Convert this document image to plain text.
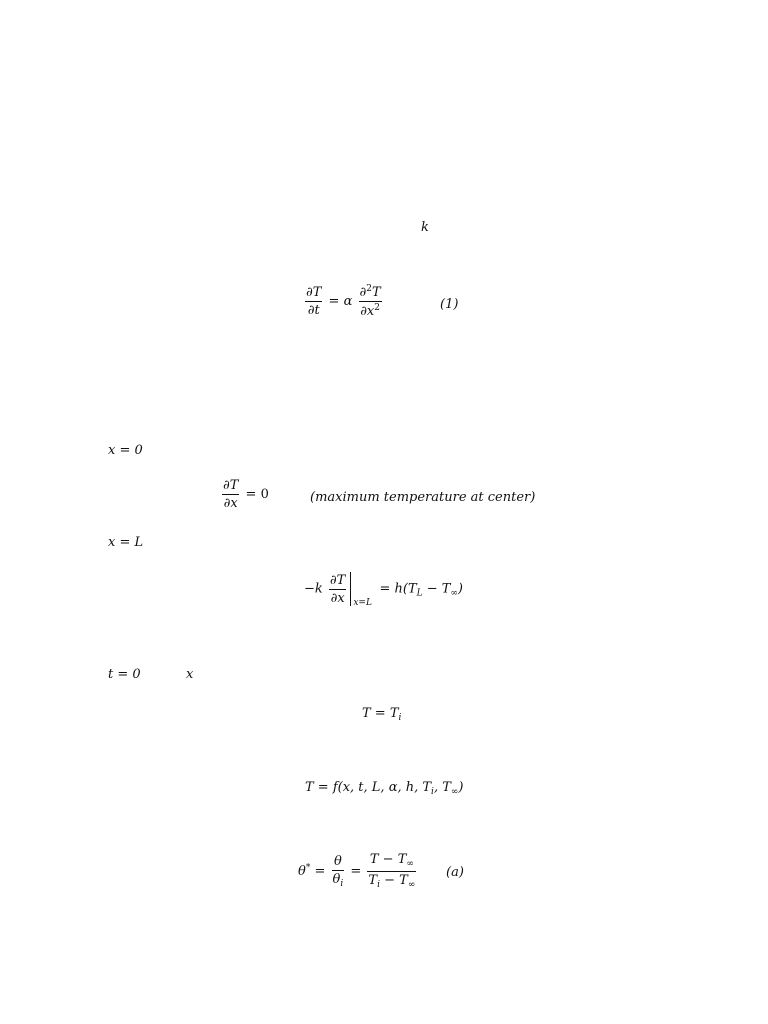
k
$\frac{\partial T}{\partial t} = \alpha \frac{\partial^2T}{\partial x^2}$	(1)
x = 0
$\frac{\partial T}{\partial x} = 0$	(maximum temperature at center)
x = L
$-k \frac{\partial T}{\partial x} x=L$
= $h(T_L - T_\infty)$
t = 0	x
$T = T_i$
T = f(x, t, L, α, h, $T_i$, $T_\infty$)
$\theta^* = \frac{\theta}{\theta_i} = \frac{T - T_\infty}{T_i - T_\infty} (a)$
